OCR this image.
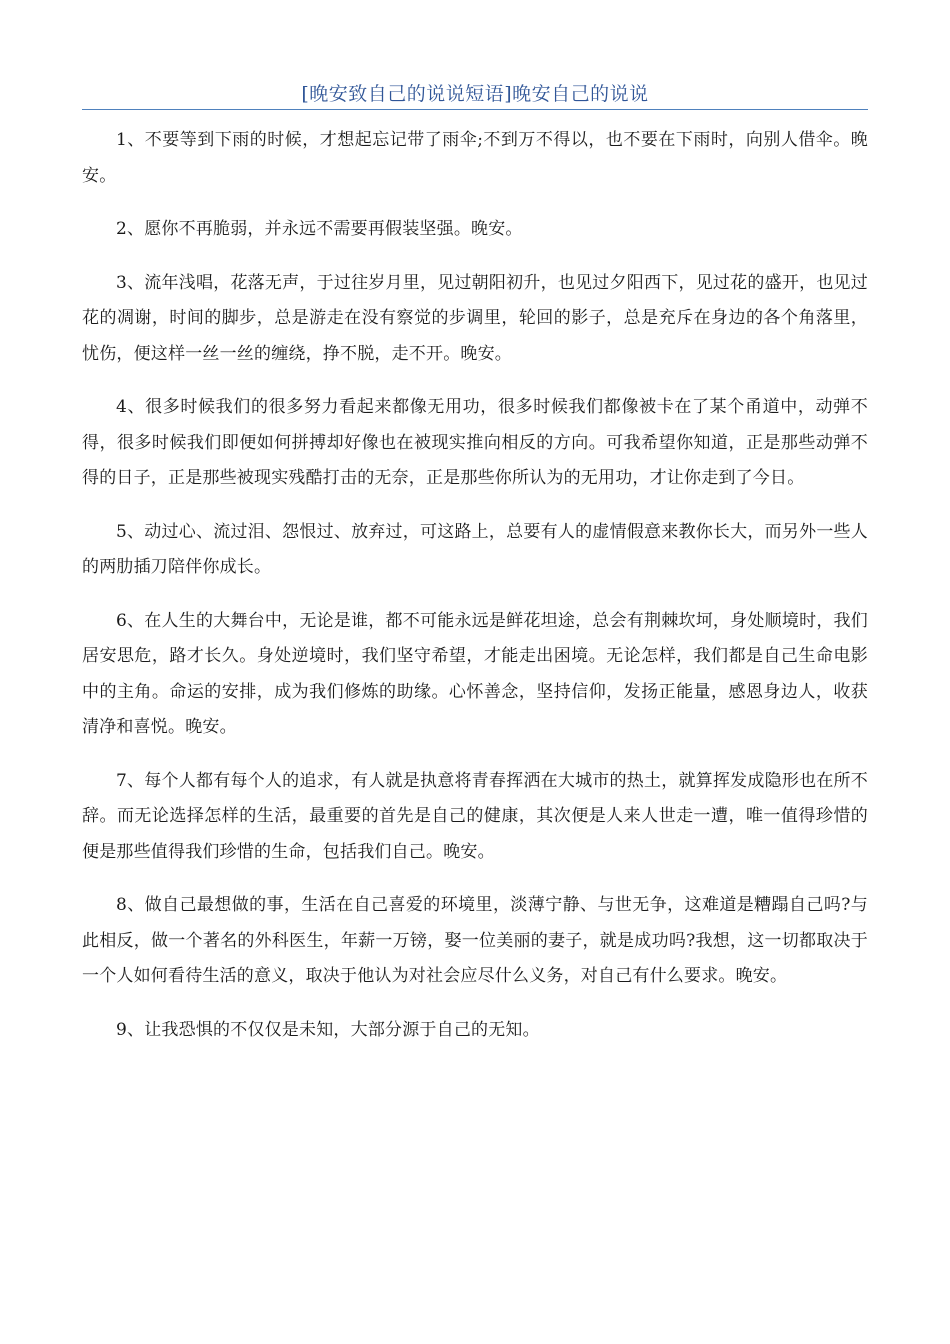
[晚安致自己的说说短语]晚安自己的说说

1、不要等到下雨的时候，才想起忘记带了雨伞;不到万不得以，也不要在下雨时，向别人借伞。晚安。

2、愿你不再脆弱，并永远不需要再假装坚强。晚安。

3、流年浅唱，花落无声，于过往岁月里，见过朝阳初升，也见过夕阳西下，见过花的盛开，也见过花的凋谢，时间的脚步，总是游走在没有察觉的步调里，轮回的影子，总是充斥在身边的各个角落里，忧伤，便这样一丝一丝的缠绕，挣不脱，走不开。晚安。

4、很多时候我们的很多努力看起来都像无用功，很多时候我们都像被卡在了某个甬道中，动弹不得，很多时候我们即便如何拼搏却好像也在被现实推向相反的方向。可我希望你知道，正是那些动弹不得的日子，正是那些被现实残酷打击的无奈，正是那些你所认为的无用功，才让你走到了今日。

5、动过心、流过泪、怨恨过、放弃过，可这路上，总要有人的虚情假意来教你长大，而另外一些人的两肋插刀陪伴你成长。

6、在人生的大舞台中，无论是谁，都不可能永远是鲜花坦途，总会有荆棘坎坷，身处顺境时，我们居安思危，路才长久。身处逆境时，我们坚守希望，才能走出困境。无论怎样，我们都是自己生命电影中的主角。命运的安排，成为我们修炼的助缘。心怀善念，坚持信仰，发扬正能量，感恩身边人，收获清净和喜悦。晚安。

7、每个人都有每个人的追求，有人就是执意将青春挥洒在大城市的热土，就算挥发成隐形也在所不辞。而无论选择怎样的生活，最重要的首先是自己的健康，其次便是人来人世走一遭，唯一值得珍惜的便是那些值得我们珍惜的生命，包括我们自己。晚安。

8、做自己最想做的事，生活在自己喜爱的环境里，淡薄宁静、与世无争，这难道是糟蹋自己吗?与此相反，做一个著名的外科医生，年薪一万镑，娶一位美丽的妻子，就是成功吗?我想，这一切都取决于一个人如何看待生活的意义，取决于他认为对社会应尽什么义务，对自己有什么要求。晚安。

9、让我恐惧的不仅仅是未知，大部分源于自己的无知。
